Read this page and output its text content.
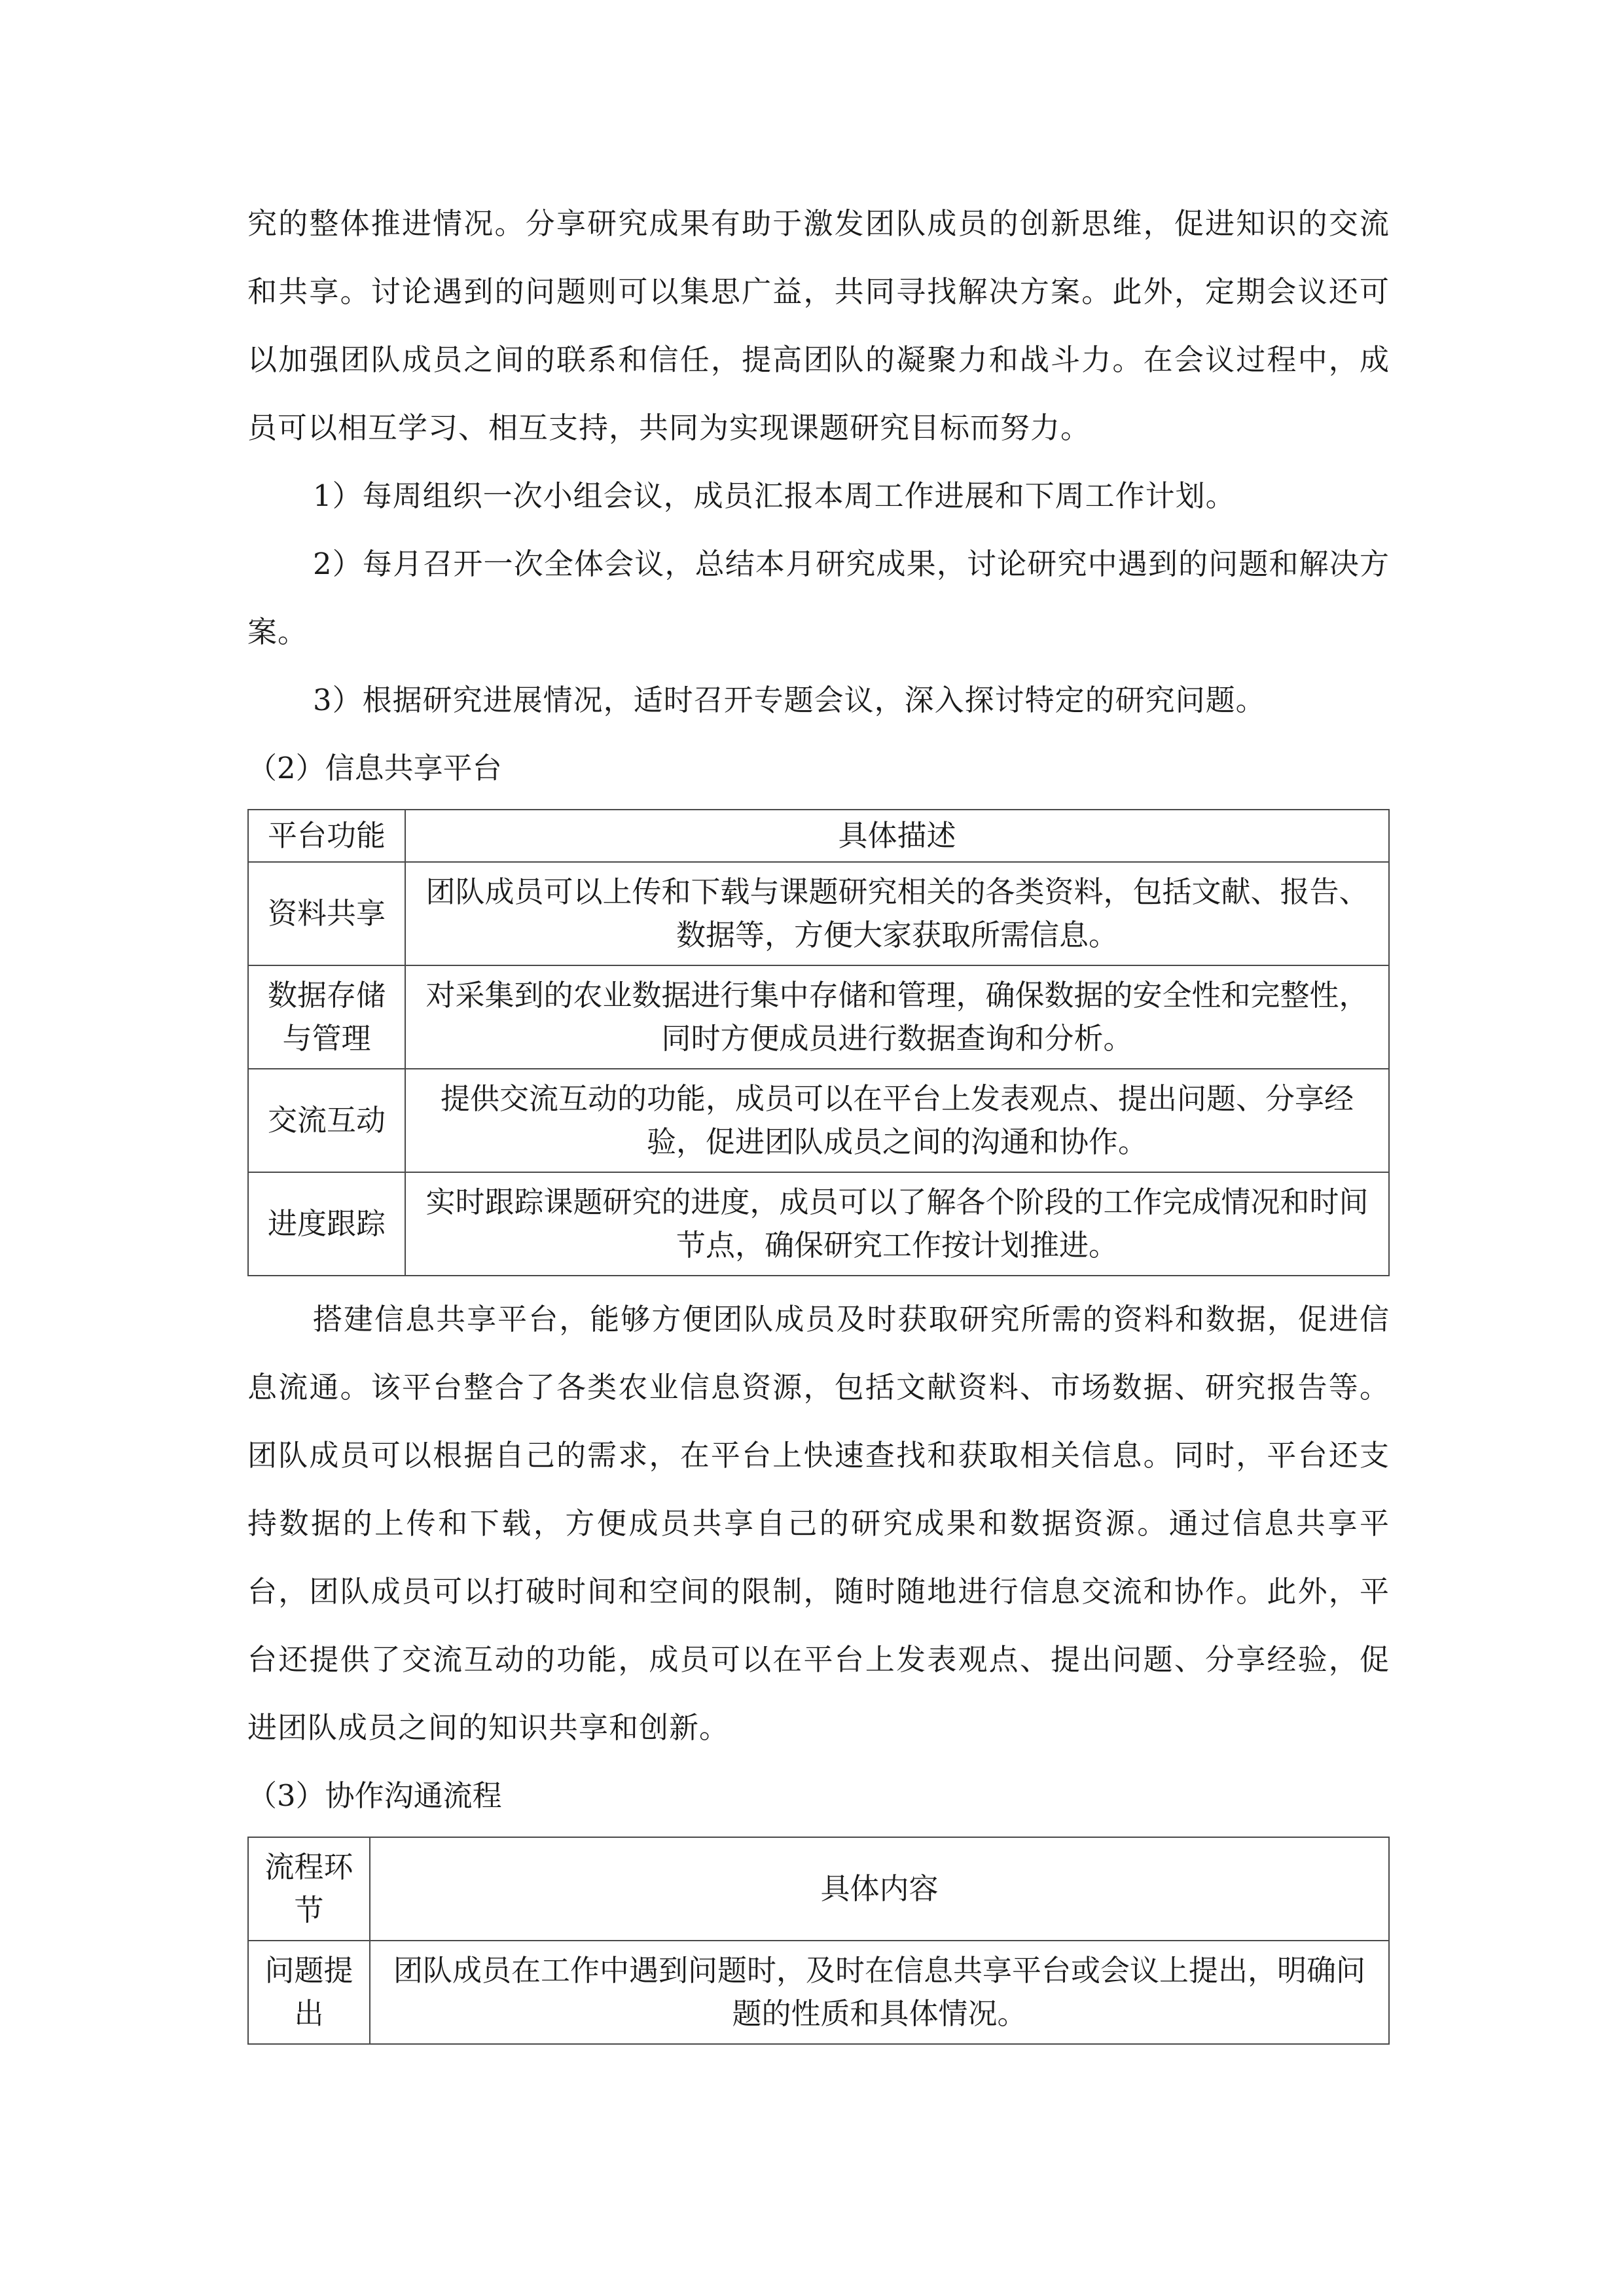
究的整体推进情况。分享研究成果有助于激发团队成员的创新思维，促进知识的交流和共享。讨论遇到的问题则可以集思广益，共同寻找解决方案。此外，定期会议还可以加强团队成员之间的联系和信任，提高团队的凝聚力和战斗力。在会议过程中，成员可以相互学习、相互支持，共同为实现课题研究目标而努力。

1）每周组织一次小组会议，成员汇报本周工作进展和下周工作计划。

2）每月召开一次全体会议，总结本月研究成果，讨论研究中遇到的问题和解决方案。

3）根据研究进展情况，适时召开专题会议，深入探讨特定的研究问题。

（2）信息共享平台

平台功能	具体描述
资料共享	团队成员可以上传和下载与课题研究相关的各类资料，包括文献、报告、数据等，方便大家获取所需信息。
数据存储与管理	对采集到的农业数据进行集中存储和管理，确保数据的安全性和完整性，同时方便成员进行数据查询和分析。
交流互动	提供交流互动的功能，成员可以在平台上发表观点、提出问题、分享经验，促进团队成员之间的沟通和协作。
进度跟踪	实时跟踪课题研究的进度，成员可以了解各个阶段的工作完成情况和时间节点，确保研究工作按计划推进。

搭建信息共享平台，能够方便团队成员及时获取研究所需的资料和数据，促进信息流通。该平台整合了各类农业信息资源，包括文献资料、市场数据、研究报告等。团队成员可以根据自己的需求，在平台上快速查找和获取相关信息。同时，平台还支持数据的上传和下载，方便成员共享自己的研究成果和数据资源。通过信息共享平台，团队成员可以打破时间和空间的限制，随时随地进行信息交流和协作。此外，平台还提供了交流互动的功能，成员可以在平台上发表观点、提出问题、分享经验，促进团队成员之间的知识共享和创新。

（3）协作沟通流程

流程环节	具体内容
问题提出	团队成员在工作中遇到问题时，及时在信息共享平台或会议上提出，明确问题的性质和具体情况。
